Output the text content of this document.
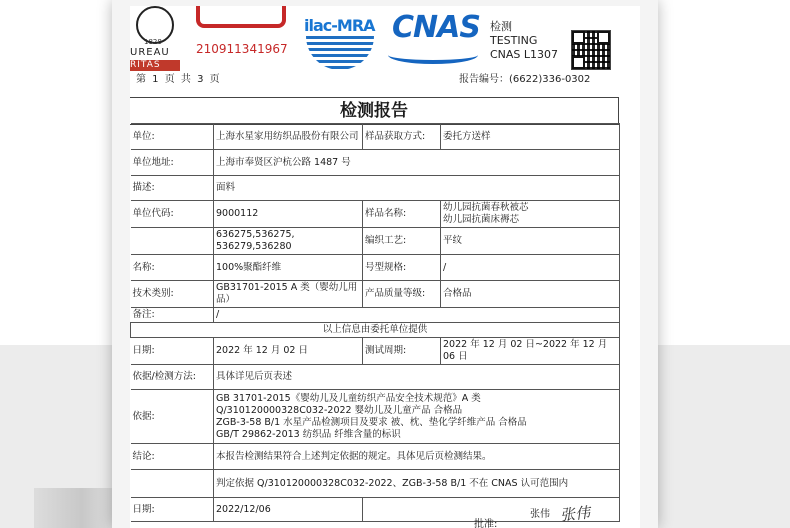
1828
UREAU
RITAS
210911341967
ilac-MRA CNAS 检测
TESTING
CNAS L1307
第 1 页 共 3 页	报告编号：(6622)336-0302
检测报告
单位:	上海水星家用纺织品股份有限公司	样品获取方式:	委托方送样
单位地址:	上海市奉贤区沪杭公路 1487 号		
描述:	面料		
单位代码:	9000112	样品名称:	幼儿园抗菌春秋被芯
幼儿园抗菌床褥芯

	636275,536275, 536279,536280	编织工艺:	平纹
名称:	100%聚酯纤维	号型规格:	/
技术类别:	GB31701-2015 A 类（婴幼儿用品）	产品质量等级:	合格品
备注:	/		
以上信息由委托单位提供			
日期:	2022 年 12 月 02 日	测试周期:	2022 年 12 月 02 日~2022 年 12 月 06 日
依据/检测方法:	具体详见后页表述		
依据:	GB 31701-2015《婴幼儿及儿童纺织产品安全技术规范》A 类
Q/310120000328C032-2022 婴幼儿及儿童产品 合格品
ZGB-3-58 B/1 水星产品检测项目及要求 被、枕、垫化学纤维产品 合格品
GB/T 29862-2013 纺织品 纤维含量的标识		

结论:	本报告检测结果符合上述判定依据的规定。具体见后页检测结果。		
	判定依据 Q/310120000328C032-2022、ZGB-3-58 B/1 不在 CNAS 认可范围内		
日期:	2022/12/06			张伟
批准:	张伟
